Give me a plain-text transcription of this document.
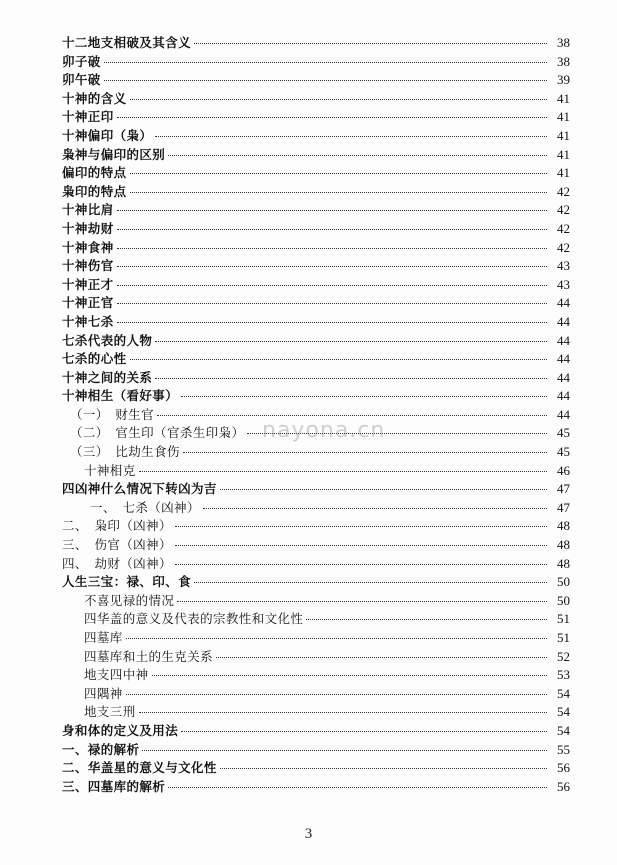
十二地支相破及其含义	38
卯子破	38
卯午破	39
十神的含义	41
十神正印	41
十神偏印（枭）	41
枭神与偏印的区别	41
偏印的特点	41
枭印的特点	42
十神比肩	42
十神劫财	42
十神食神	42
十神伤官	43
十神正才	43
十神正官	44
十神七杀	44
七杀代表的人物	44
七杀的心性	44
十神之间的关系	44
十神相生（看好事）	44
（一）　财生官	44
（二）　官生印（官杀生印枭）	45
（三）　比劫生食伤	45
十神相克	46
四凶神什么情况下转凶为吉	47
一、　七杀（凶神）	47
二、　枭印（凶神）	48
三、　伤官（凶神）	48
四、　劫财（凶神）	48
人生三宝：禄、印、食	50
不喜见禄的情况	50
四华盖的意义及代表的宗教性和文化性	51
四墓库	51
四墓库和土的生克关系	52
地支四中神	53
四隅神	54
地支三刑	54
身和体的定义及用法	54
一、禄的解析	55
二、华盖星的意义与文化性	56
三、四墓库的解析	56
nayona.cn
3
